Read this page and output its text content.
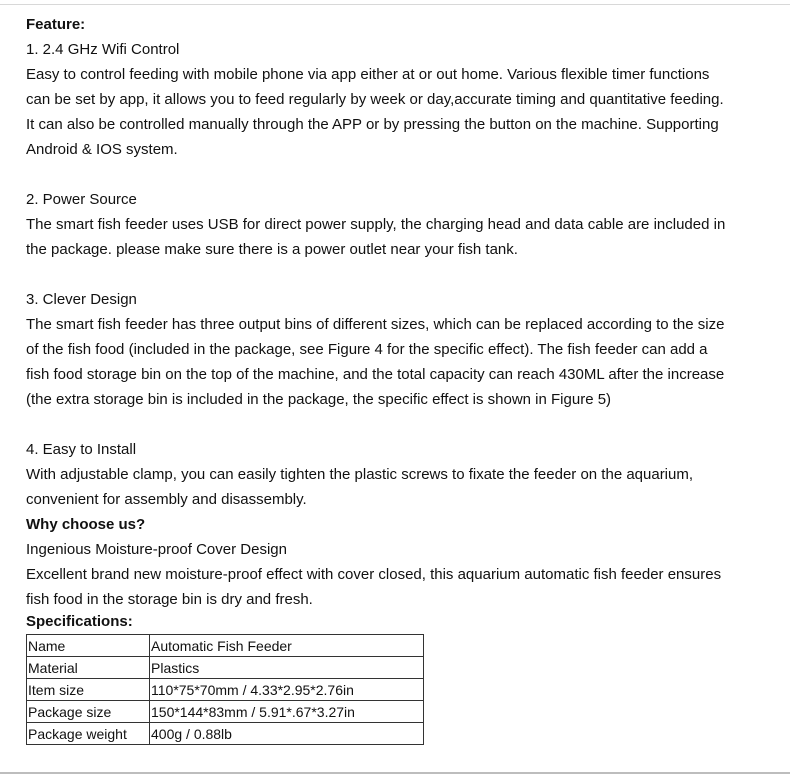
Feature:

1. 2.4 GHz Wifi Control

Easy to control feeding with mobile phone via app either at or out home. Various flexible timer functions

can be set by app, it allows you to feed regularly by week or day,accurate timing and quantitative feeding.

It can also be controlled manually through the APP or by pressing the button on the machine. Supporting

Android & IOS system.

2. Power Source

The smart fish feeder uses USB for direct power supply, the charging head and data cable are included in

the package. please make sure there is a power outlet near your fish tank.

3. Clever Design

The smart fish feeder has three output bins of different sizes, which can be replaced according to the size

of the fish food (included in the package, see Figure 4 for the specific effect). The fish feeder can add a

fish food storage bin on the top of the machine, and the total capacity can reach 430ML after the increase

(the extra storage bin is included in the package, the specific effect is shown in Figure 5)

4. Easy to Install

With adjustable clamp, you can easily tighten the plastic screws to fixate the feeder on the aquarium,

convenient for assembly and disassembly.

Why choose us?

Ingenious Moisture-proof Cover Design

Excellent brand new moisture-proof effect with cover closed, this aquarium automatic fish feeder ensures

fish food in the storage bin is dry and fresh.

Specifications:

Name	Automatic Fish Feeder
Material	Plastics
Item size	110*75*70mm / 4.33*2.95*2.76in
Package size	150*144*83mm / 5.91*.67*3.27in
Package weight	400g / 0.88lb
